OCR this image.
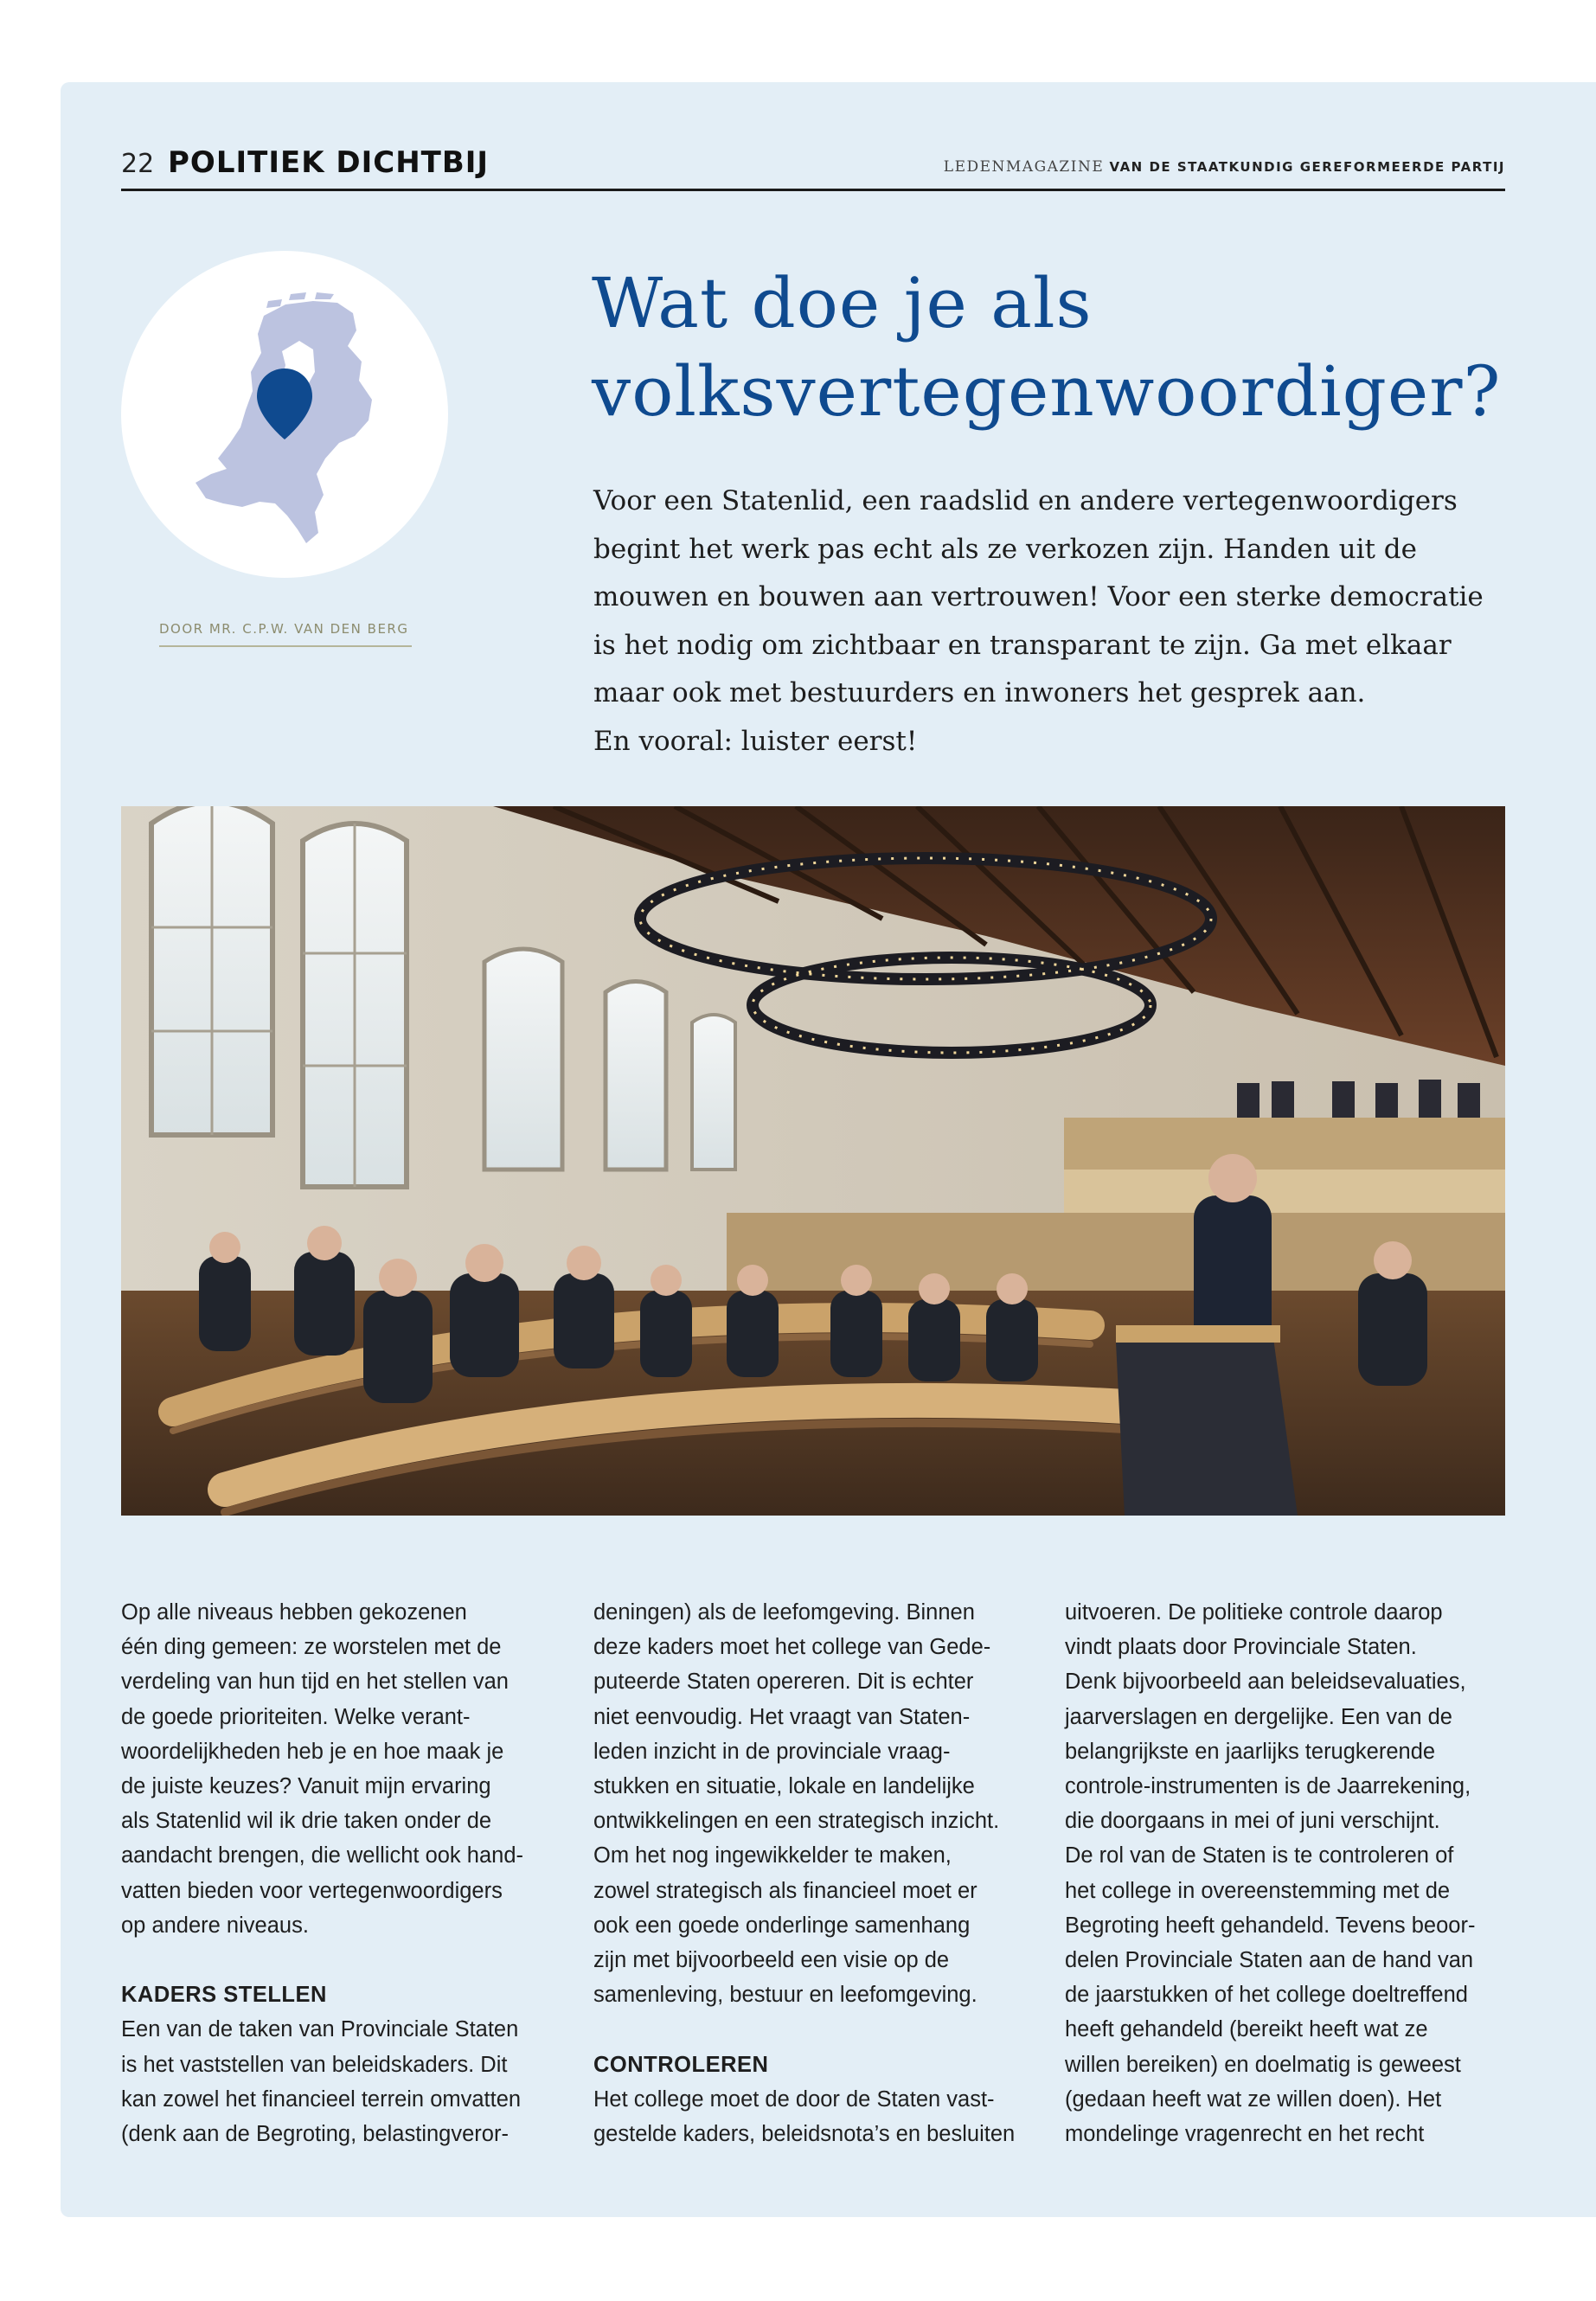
22 POLITIEK DICHTBIJ	LEDENMAGAZINE VAN DE STAATKUNDIG GEREFORMEERDE PARTIJ
DOOR MR. C.P.W. VAN DEN BERG
Wat doe je als
volksvertegenwoordiger?
Voor een Statenlid, een raadslid en andere vertegenwoordigers
begint het werk pas echt als ze verkozen zijn. Handen uit de
mouwen en bouwen aan vertrouwen! Voor een sterke democratie
is het nodig om zichtbaar en transparant te zijn. Ga met elkaar
maar ook met bestuurders en inwoners het gesprek aan.
En vooral: luister eerst!
Op alle niveaus hebben gekozenen
één ding gemeen: ze worstelen met de
verdeling van hun tijd en het stellen van
de goede prioriteiten. Welke verant-
woordelijkheden heb je en hoe maak je
de juiste keuzes? Vanuit mijn ervaring
als Statenlid wil ik drie taken onder de
aandacht brengen, die wellicht ook hand-
vatten bieden voor vertegenwoordigers
op andere niveaus.
KADERS STELLEN
Een van de taken van Provinciale Staten
is het vaststellen van beleidskaders. Dit
kan zowel het financieel terrein omvatten
(denk aan de Begroting, belastingveror-
deningen) als de leefomgeving. Binnen
deze kaders moet het college van Gede-
puteerde Staten opereren. Dit is echter
niet eenvoudig. Het vraagt van Staten-
leden inzicht in de provinciale vraag-
stukken en situatie, lokale en landelijke
ontwikkelingen en een strategisch inzicht.
Om het nog ingewikkelder te maken,
zowel strategisch als financieel moet er
ook een goede onderlinge samenhang
zijn met bijvoorbeeld een visie op de
samenleving, bestuur en leefomgeving.
CONTROLEREN
Het college moet de door de Staten vast-
gestelde kaders, beleidsnota’s en besluiten
uitvoeren. De politieke controle daarop
vindt plaats door Provinciale Staten.
Denk bijvoorbeeld aan beleidsevaluaties,
jaarverslagen en dergelijke. Een van de
belangrijkste en jaarlijks terugkerende
controle-instrumenten is de Jaarrekening,
die doorgaans in mei of juni verschijnt.
De rol van de Staten is te controleren of
het college in overeenstemming met de
Begroting heeft gehandeld. Tevens beoor-
delen Provinciale Staten aan de hand van
de jaarstukken of het college doeltreffend
heeft gehandeld (bereikt heeft wat ze
willen bereiken) en doelmatig is geweest
(gedaan heeft wat ze willen doen). Het
mondelinge vragenrecht en het recht
